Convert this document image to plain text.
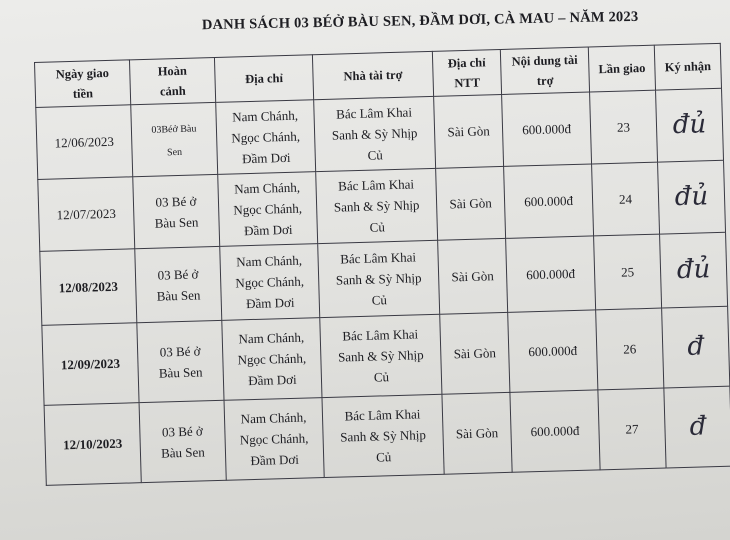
DANH SÁCH 03 BÉỞ BÀU SEN, ĐẦM DƠI, CÀ MAU – NĂM 2023
Ngày giao
tiền	Hoàn
cảnh	Địa chỉ	Nhà tài trợ	Địa chỉ
NTT	Nội dung tài
trợ	Lần giao	Ký nhận
12/06/2023	03Béở Bàu
Sen	Nam Chánh,
Ngọc Chánh,
Đầm Dơi	Bác Lâm Khai
Sanh & Sỳ Nhịp
Củ	Sài Gòn	600.000đ	23	đủ
12/07/2023	03 Bé ở
Bàu Sen	Nam Chánh,
Ngọc Chánh,
Đầm Dơi	Bác Lâm Khai
Sanh & Sỳ Nhịp
Củ	Sài Gòn	600.000đ	24	đủ
12/08/2023	03 Bé ở
Bàu Sen	Nam Chánh,
Ngọc Chánh,
Đầm Dơi	Bác Lâm Khai
Sanh & Sỳ Nhịp
Củ	Sài Gòn	600.000đ	25	đủ
12/09/2023	03 Bé ở
Bàu Sen	Nam Chánh,
Ngọc Chánh,
Đầm Dơi	Bác Lâm Khai
Sanh & Sỳ Nhịp
Củ	Sài Gòn	600.000đ	26	đ
12/10/2023	03 Bé ở
Bàu Sen	Nam Chánh,
Ngọc Chánh,
Đầm Dơi	Bác Lâm Khai
Sanh & Sỳ Nhịp
Củ	Sài Gòn	600.000đ	27	đ
